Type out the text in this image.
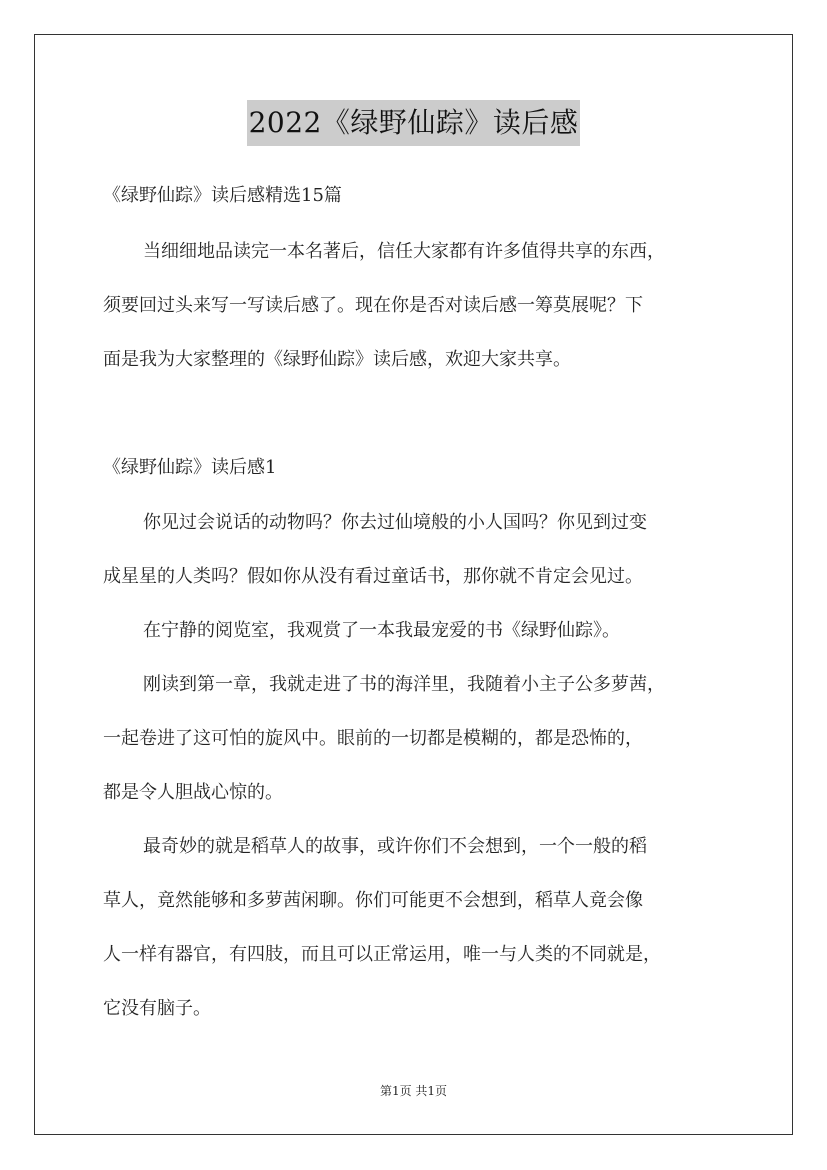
2022《绿野仙踪》读后感
《绿野仙踪》读后感精选15篇
当细细地品读完一本名著后，信任大家都有许多值得共享的东西，
须要回过头来写一写读后感了。现在你是否对读后感一筹莫展呢？下
面是我为大家整理的《绿野仙踪》读后感，欢迎大家共享。
《绿野仙踪》读后感1
你见过会说话的动物吗？你去过仙境般的小人国吗？你见到过变
成星星的人类吗？假如你从没有看过童话书，那你就不肯定会见过。
在宁静的阅览室，我观赏了一本我最宠爱的书《绿野仙踪》。
刚读到第一章，我就走进了书的海洋里，我随着小主子公多萝茜，
一起卷进了这可怕的旋风中。眼前的一切都是模糊的，都是恐怖的，
都是令人胆战心惊的。
最奇妙的就是稻草人的故事，或许你们不会想到，一个一般的稻
草人，竟然能够和多萝茜闲聊。你们可能更不会想到，稻草人竟会像
人一样有器官，有四肢，而且可以正常运用，唯一与人类的不同就是，
它没有脑子。
第1页 共1页
